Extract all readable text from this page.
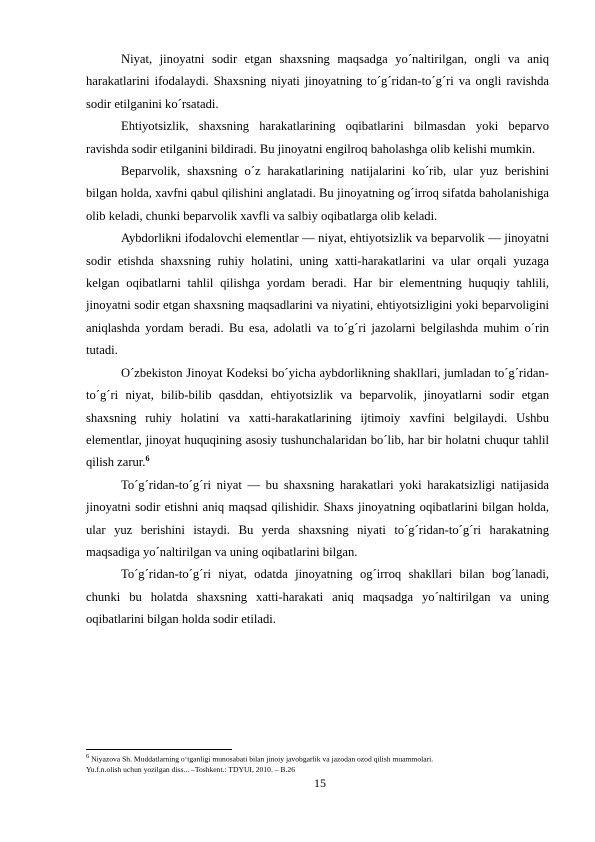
Niyat, jinoyatni sodir etgan shaxsning maqsadga yo´naltirilgan, ongli va aniq harakatlarini ifodalaydi. Shaxsning niyati jinoyatning to´g´ridan-to´g´ri va ongli ravishda sodir etilganini ko´rsatadi.

Ehtiyotsizlik, shaxsning harakatlarining oqibatlarini bilmasdan yoki beparvo ravishda sodir etilganini bildiradi. Bu jinoyatni engilroq baholashga olib kelishi mumkin.

Beparvolik, shaxsning o´z harakatlarining natijalarini ko´rib, ular yuz berishini bilgan holda, xavfni qabul qilishini anglatadi. Bu jinoyatning og´irroq sifatda baholanishiga olib keladi, chunki beparvolik xavfli va salbiy oqibatlarga olib keladi.

Aybdorlikni ifodalovchi elementlar — niyat, ehtiyotsizlik va beparvolik — jinoyatni sodir etishda shaxsning ruhiy holatini, uning xatti-harakatlarini va ular orqali yuzaga kelgan oqibatlarni tahlil qilishga yordam beradi. Har bir elementning huquqiy tahlili, jinoyatni sodir etgan shaxsning maqsadlarini va niyatini, ehtiyotsizligini yoki beparvoligini aniqlashda yordam beradi. Bu esa, adolatli va to´g´ri jazolarni belgilashda muhim o´rin tutadi.

O´zbekiston Jinoyat Kodeksi bo´yicha aybdorlikning shakllari, jumladan to´g´ridan-to´g´ri niyat, bilib-bilib qasddan, ehtiyotsizlik va beparvolik, jinoyatlarni sodir etgan shaxsning ruhiy holatini va xatti-harakatlarining ijtimoiy xavfini belgilaydi. Ushbu elementlar, jinoyat huquqining asosiy tushunchalaridan bo´lib, har bir holatni chuqur tahlil qilish zarur.$^6$

To´g´ridan-to´g´ri niyat — bu shaxsning harakatlari yoki harakatsizligi natijasida jinoyatni sodir etishni aniq maqsad qilishidir. Shaxs jinoyatning oqibatlarini bilgan holda, ular yuz berishini istaydi. Bu yerda shaxsning niyati to´g´ridan-to´g´ri harakatning maqsadiga yo´naltirilgan va uning oqibatlarini bilgan.

To´g´ridan-to´g´ri niyat, odatda jinoyatning og´irroq shakllari bilan bog´lanadi, chunki bu holatda shaxsning xatti-harakati aniq maqsadga yo´naltirilgan va uning oqibatlarini bilgan holda sodir etiladi.

$^6$ Niyazova Sh. Muddatlarning o‘tganligi munosabati bilan jinoiy javobgarlik va jazodan ozod qilish muammolari.
Yu.f.n.olish uchun yozilgan diss... –Toshkent.: TDYUI, 2010. – B.26

15
